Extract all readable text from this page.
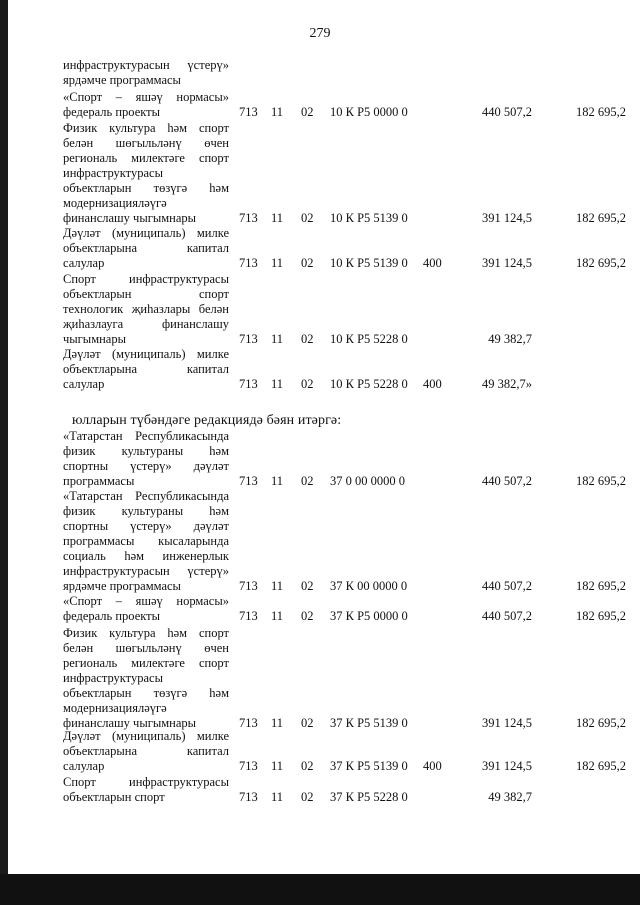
279
инфраструктурасын үстерү»
ярдәмче программасы
«Спорт – яшәү нормасы»
федераль проекты	713 11 02 10 К Р5 0000 0	440 507,2	182 695,2
Физик культура һәм спорт
белән шөгыльләнү өчен
региональ милектәге спорт
инфраструктурасы
объектларын төзүгә һәм
модернизацияләүгә
финанслашу чыгымнары	713 11 02 10 К Р5 5139 0	391 124,5	182 695,2
Дәүләт (муниципаль) милке
объектларына капитал
салулар	713 11 02 10 К Р5 5139 0 400	391 124,5	182 695,2
Спорт инфраструктурасы
объектларын спорт
технологик җиһазлары белән
җиһазлауга финанслашу
чыгымнары	713 11 02 10 К Р5 5228 0	49 382,7
Дәүләт (муниципаль) милке
объектларына капитал
салулар	713 11 02 10 К Р5 5228 0 400	49 382,7»
юлларын түбәндәге редакциядә бәян итәргә:
«Татарстан Республикасында
физик культураны һәм
спортны үстерү» дәүләт
программасы	713 11 02 37 0 00 0000 0	440 507,2	182 695,2
«Татарстан Республикасында
физик культураны һәм
спортны үстерү» дәүләт
программасы кысаларында
социаль һәм инженерлык
инфраструктурасын үстерү»
ярдәмче программасы	713 11 02 37 К 00 0000 0	440 507,2	182 695,2
«Спорт – яшәү нормасы»
федераль проекты	713 11 02 37 К Р5 0000 0	440 507,2	182 695,2
Физик культура һәм спорт
белән шөгыльләнү өчен
региональ милектәге спорт
инфраструктурасы
объектларын төзүгә һәм
модернизацияләүгә
финанслашу чыгымнары	713 11 02 37 К Р5 5139 0	391 124,5	182 695,2
Дәүләт (муниципаль) милке
объектларына капитал
салулар	713 11 02 37 К Р5 5139 0 400	391 124,5	182 695,2
Спорт инфраструктурасы
объектларын спорт	713 11 02 37 К Р5 5228 0	49 382,7
